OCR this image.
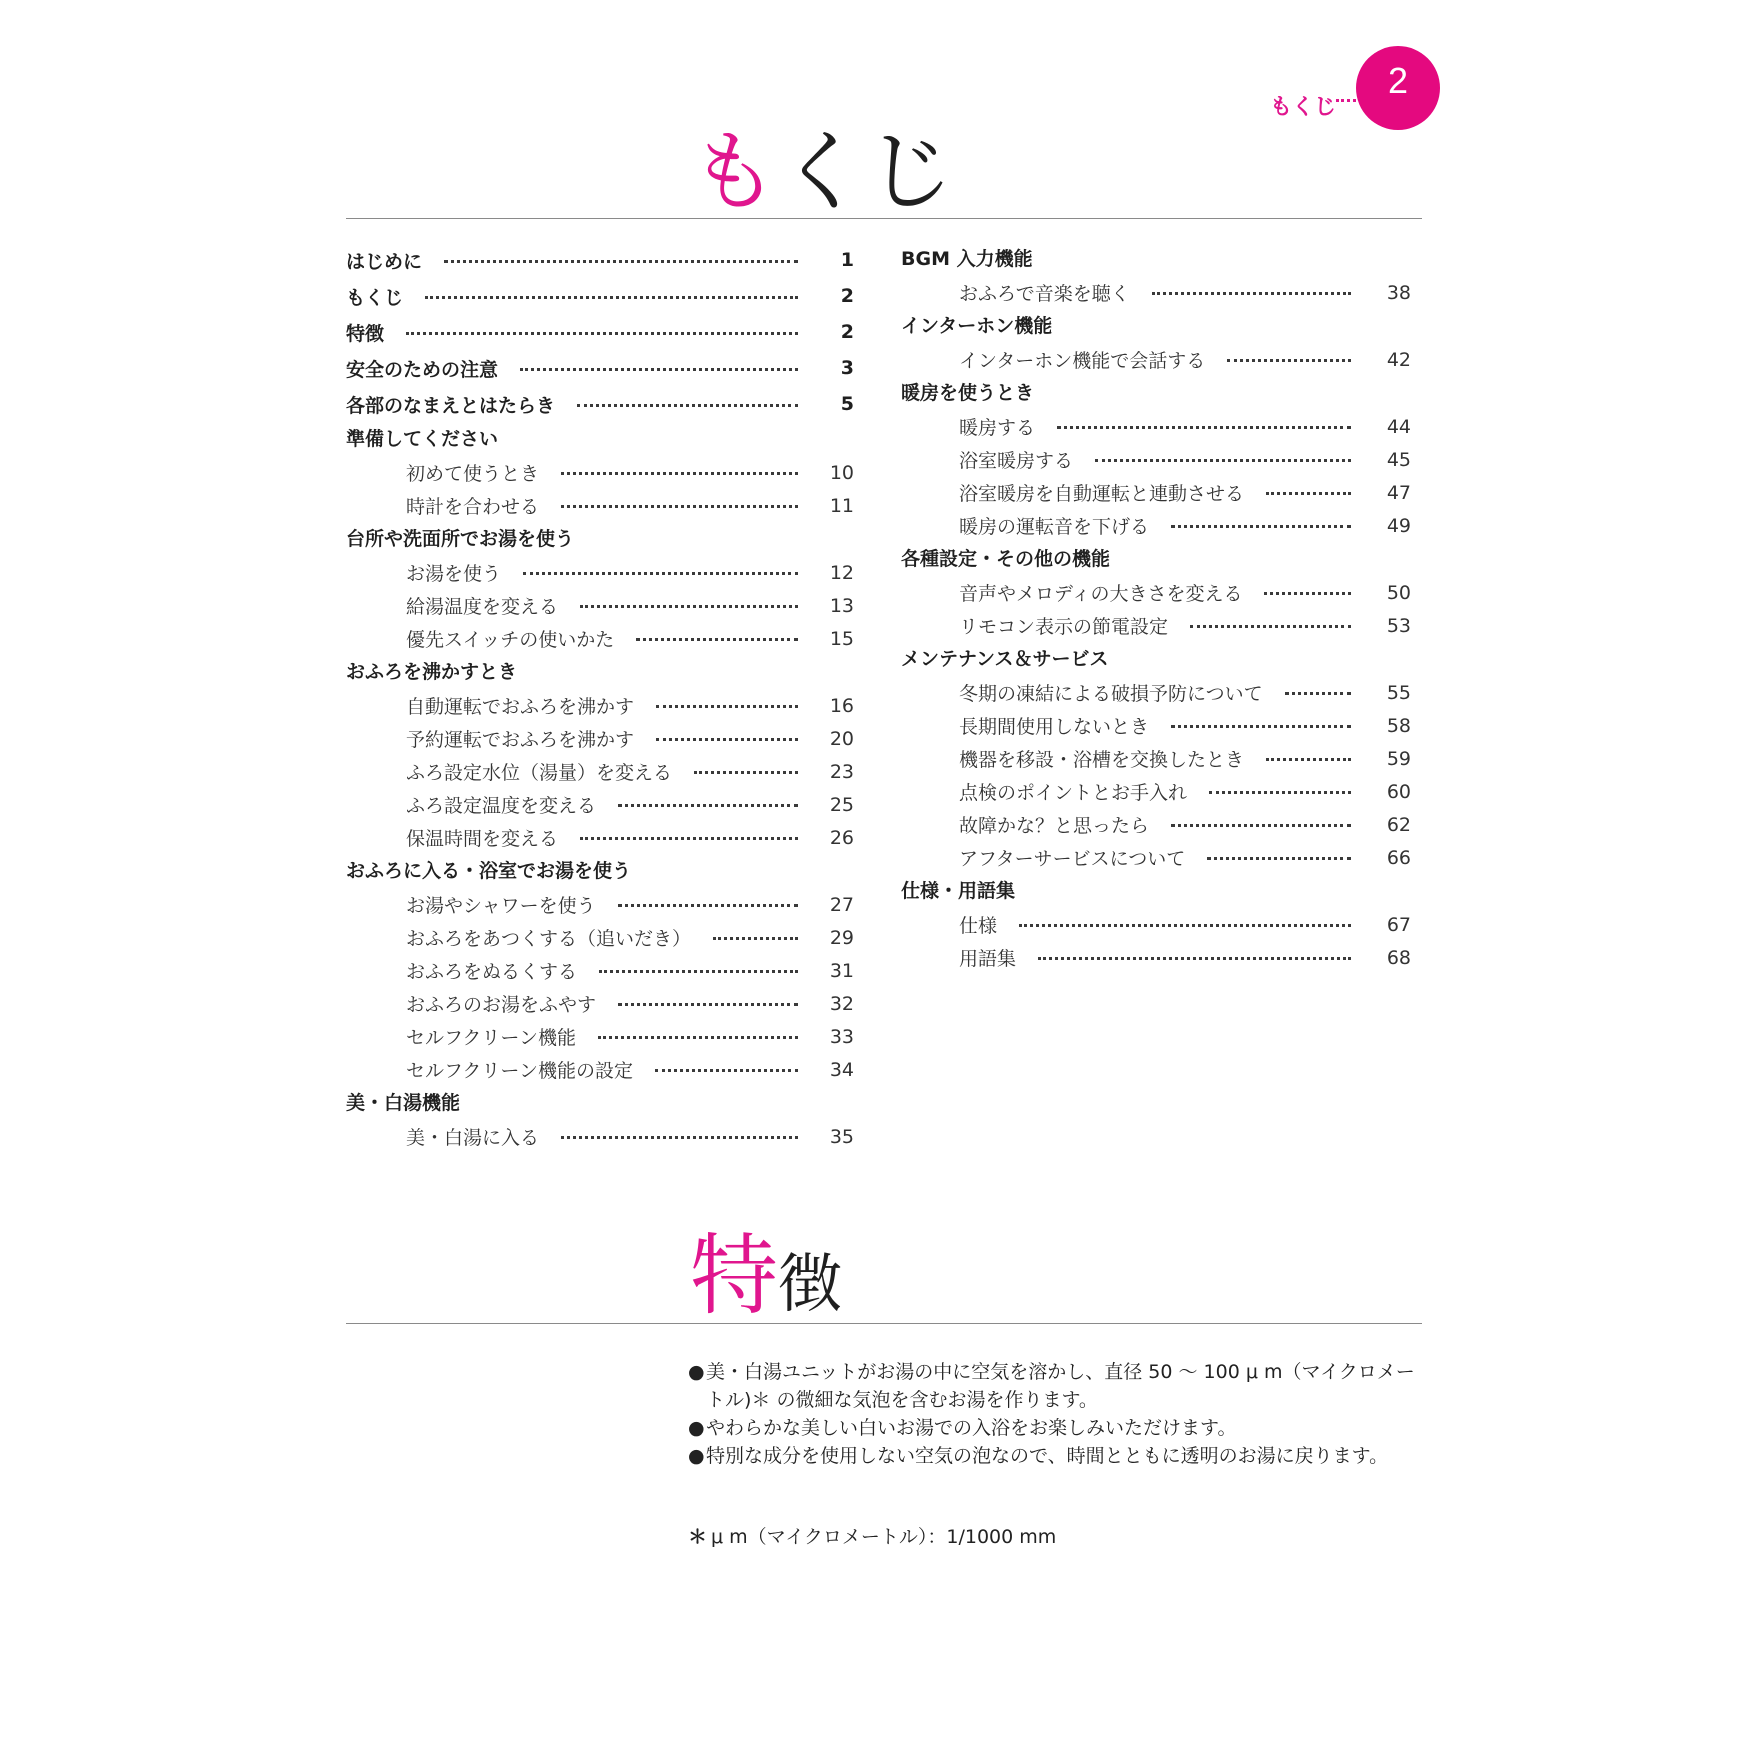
もくじ
2
もくじ
はじめに	1
もくじ	2
特徴	2
安全のための注意	3
各部のなまえとはたらき	5
準備してください
初めて使うとき	10
時計を合わせる	11
台所や洗面所でお湯を使う
お湯を使う	12
給湯温度を変える	13
優先スイッチの使いかた	15
おふろを沸かすとき
自動運転でおふろを沸かす	16
予約運転でおふろを沸かす	20
ふろ設定水位（湯量）を変える	23
ふろ設定温度を変える	25
保温時間を変える	26
おふろに入る・浴室でお湯を使う
お湯やシャワーを使う	27
おふろをあつくする（追いだき）	29
おふろをぬるくする	31
おふろのお湯をふやす	32
セルフクリーン機能	33
セルフクリーン機能の設定	34
美・白湯機能
美・白湯に入る	35
BGM 入力機能
おふろで音楽を聴く	38
インターホン機能
インターホン機能で会話する	42
暖房を使うとき
暖房する	44
浴室暖房する	45
浴室暖房を自動運転と連動させる	47
暖房の運転音を下げる	49
各種設定・その他の機能
音声やメロディの大きさを変える	50
リモコン表示の節電設定	53
メンテナンス＆サービス
冬期の凍結による破損予防について	55
長期間使用しないとき	58
機器を移設・浴槽を交換したとき	59
点検のポイントとお手入れ	60
故障かな？と思ったら	62
アフターサービスについて	66
仕様・用語集
仕様	67
用語集	68
特徴
● 美・白湯ユニットがお湯の中に空気を溶かし、直径 50 〜 100 μ m（マイクロメートル)＊ の微細な気泡を含むお湯を作ります。
● やわらかな美しい白いお湯での入浴をお楽しみいただけます。
● 特別な成分を使用しない空気の泡なので、時間とともに透明のお湯に戻ります。
＊ μ m（マイクロメートル）：1/1000 mm
